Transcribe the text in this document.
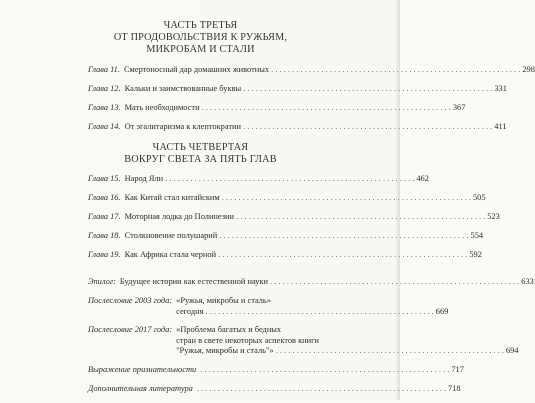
ЧАСТЬ ТРЕТЬЯ
ОТ ПРОДОВОЛЬСТВИЯ К РУЖЬЯМ,
МИКРОБАМ И СТАЛИ
Глава 11. Смертоносный дар домашних животных . . .	298
Глава 12. Кальки и заимствованные буквы . . .	331
Глава 13. Мать необходимости . . .	367
Глава 14. От эгалитаризма к клептократии . . .	411
ЧАСТЬ ЧЕТВЕРТАЯ
ВОКРУГ СВЕТА ЗА ПЯТЬ ГЛАВ
Глава 15. Народ Яли . . .	462
Глава 16. Как Китай стал китайским . . .	505
Глава 17. Моторная лодка до Полинезии . . .	523
Глава 18. Столкновение полушарий . . .	554
Глава 19. Как Африка стала черной . . .	592
Эпилог: Будущее истории как естественной науки . . .	633
Послесловие 2003 года: «Ружья, микробы и сталь»
сегодня . . .	669
Послесловие 2017 года: «Проблема багатых и бедных
стран в свете некоторых аспектов книги
"Ружья, микробы и сталь"» . . .	694
Выражение признательности . . .	717
Дополнительная литература . . .	718
